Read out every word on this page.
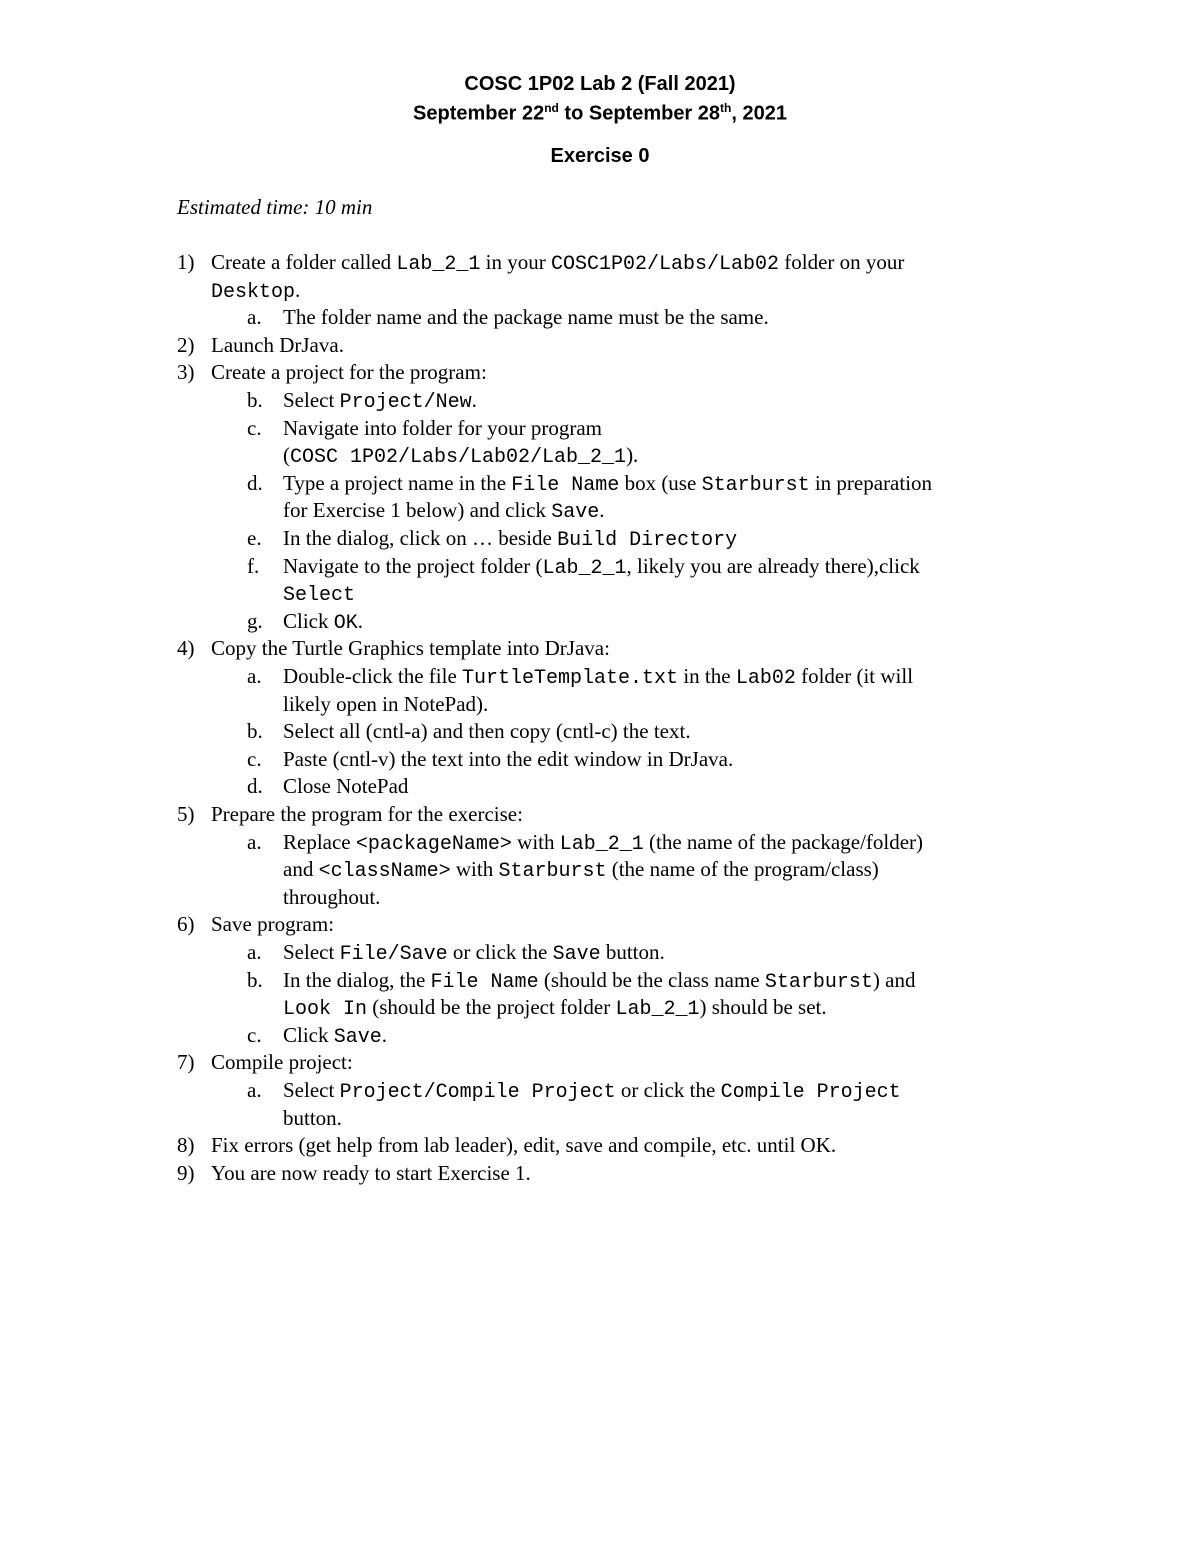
COSC 1P02 Lab 2 (Fall 2021)
September 22nd to September 28th, 2021
Exercise 0
Estimated time: 10 min
1) Create a folder called Lab_2_1 in your COSC1P02/Labs/Lab02 folder on your
Desktop.
a. The folder name and the package name must be the same.
2) Launch DrJava.
3) Create a project for the program:
b. Select Project/New.
c. Navigate into folder for your program
(COSC 1P02/Labs/Lab02/Lab_2_1).
d. Type a project name in the File Name box (use Starburst in preparation
for Exercise 1 below) and click Save.
e. In the dialog, click on … beside Build Directory
f. Navigate to the project folder (Lab_2_1, likely you are already there),click
Select
g. Click OK.
4) Copy the Turtle Graphics template into DrJava:
a. Double-click the file TurtleTemplate.txt in the Lab02 folder (it will
likely open in NotePad).
b. Select all (cntl-a) and then copy (cntl-c) the text.
c. Paste (cntl-v) the text into the edit window in DrJava.
d. Close NotePad
5) Prepare the program for the exercise:
a. Replace <packageName> with Lab_2_1 (the name of the package/folder)
and <className> with Starburst (the name of the program/class)
throughout.
6) Save program:
a. Select File/Save or click the Save button.
b. In the dialog, the File Name (should be the class name Starburst) and
Look In (should be the project folder Lab_2_1) should be set.
c. Click Save.
7) Compile project:
a. Select Project/Compile Project or click the Compile Project
button.
8) Fix errors (get help from lab leader), edit, save and compile, etc. until OK.
9) You are now ready to start Exercise 1.
